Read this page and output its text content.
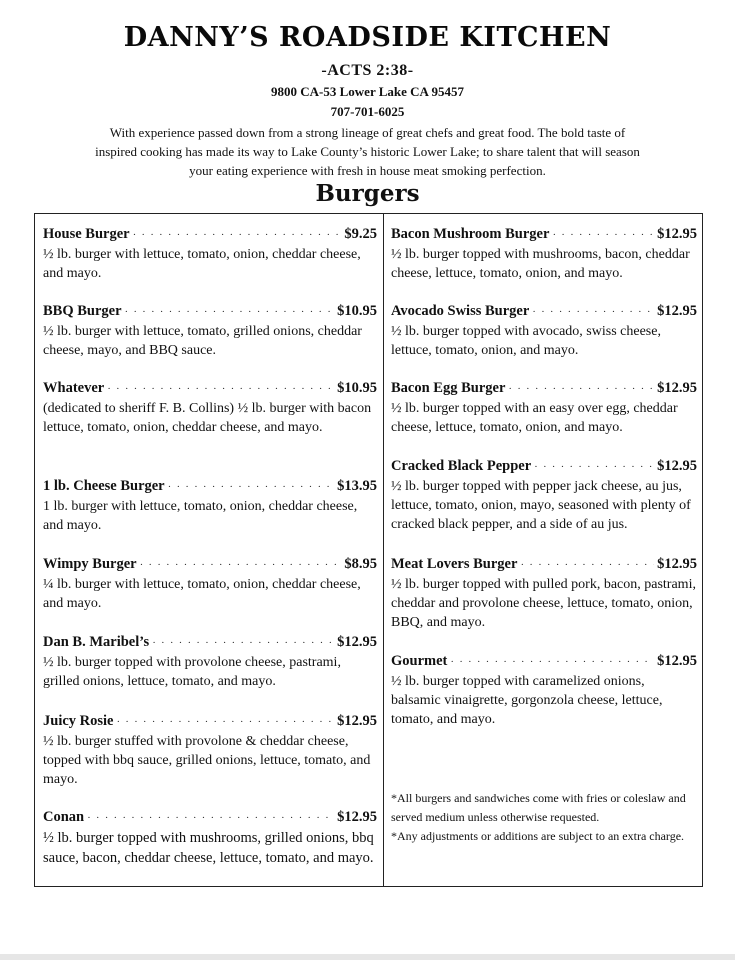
DANNY’S ROADSIDE KITCHEN
-ACTS 2:38-
9800 CA-53 Lower Lake CA 95457
707-701-6025
With experience passed down from a strong lineage of great chefs and great food. The bold taste of inspired cooking has made its way to Lake County’s historic Lower Lake; to share talent that will season your eating experience with fresh in house meat smoking perfection.
Burgers
House Burger · · ·	$9.25
½ lb. burger with lettuce, tomato, onion, cheddar cheese, and mayo.
BBQ Burger · · ·	$10.95
½ lb. burger with lettuce, tomato, grilled onions, cheddar cheese, mayo, and BBQ sauce.
Whatever · · ·	$10.95
(dedicated to sheriff F. B. Collins) ½ lb. burger with bacon lettuce, tomato, onion, cheddar cheese, and mayo.
1 lb. Cheese Burger · · ·	$13.95
1 lb. burger with lettuce, tomato, onion, cheddar cheese, and mayo.
Wimpy Burger · · ·	$8.95
¼ lb. burger with lettuce, tomato, onion, cheddar cheese, and mayo.
Dan B. Maribel’s · · ·	$12.95
½ lb. burger topped with provolone cheese, pastrami, grilled onions, lettuce, tomato, and mayo.
Juicy Rosie · · ·	$12.95
½ lb. burger stuffed with provolone & cheddar cheese, topped with bbq sauce, grilled onions, lettuce, tomato, and mayo.
Conan · · ·	$12.95
½ lb. burger topped with mushrooms, grilled onions, bbq sauce, bacon, cheddar cheese, lettuce, tomato, and mayo.
Bacon Mushroom Burger · · ·	$12.95
½ lb. burger topped with mushrooms, bacon, cheddar cheese, lettuce, tomato, onion, and mayo.
Avocado Swiss Burger · · ·	$12.95
½ lb. burger topped with avocado, swiss cheese, lettuce, tomato, onion, and mayo.
Bacon Egg Burger · · ·	$12.95
½ lb. burger topped with an easy over egg, cheddar cheese, lettuce, tomato, onion, and mayo.
Cracked Black Pepper · · ·	$12.95
½ lb. burger topped with pepper jack cheese, au jus, lettuce, tomato, onion, mayo, seasoned with plenty of cracked black pepper, and a side of au jus.
Meat Lovers Burger · · ·	$12.95
½ lb. burger topped with pulled pork, bacon, pastrami, cheddar and provolone cheese, lettuce, tomato, onion, BBQ, and mayo.
Gourmet · · ·	$12.95
½ lb. burger topped with caramelized onions, balsamic vinaigrette, gorgonzola cheese, lettuce, tomato, and mayo.
*All burgers and sandwiches come with fries or coleslaw and served medium unless otherwise requested.
*Any adjustments or additions are subject to an extra charge.
